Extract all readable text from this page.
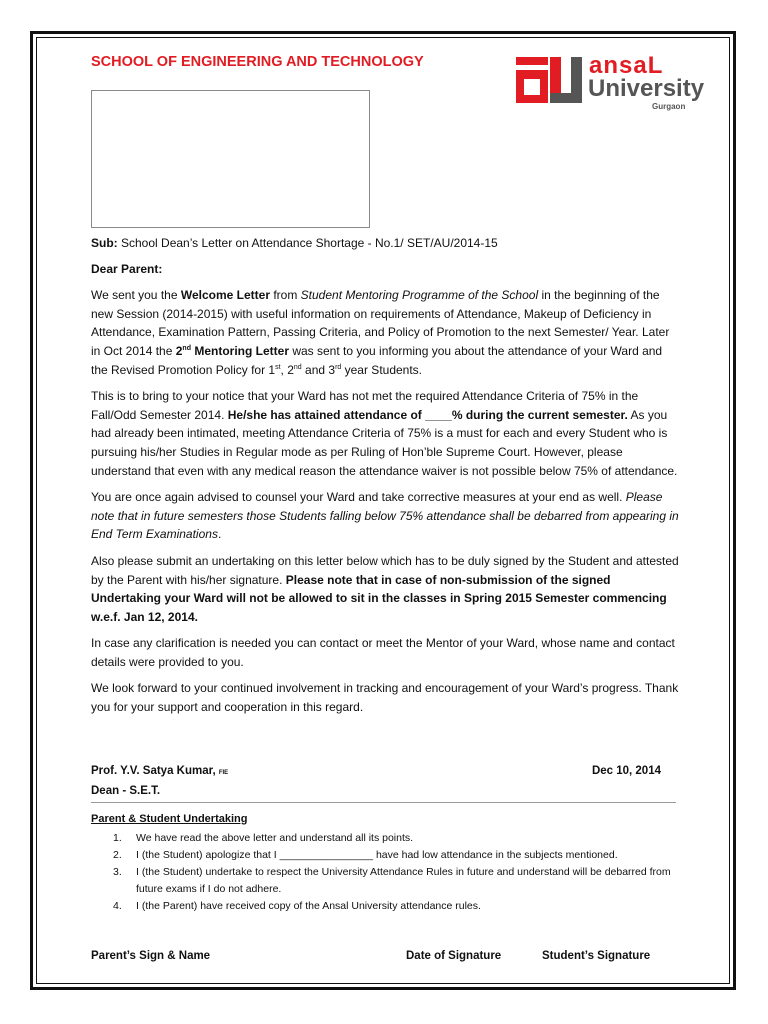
SCHOOL OF ENGINEERING AND TECHNOLOGY	ansaL
University
Gurgaon

Sub: School Dean’s Letter on Attendance Shortage - No.1/ SET/AU/2014-15

Dear Parent:

We sent you the Welcome Letter from Student Mentoring Programme of the School in the beginning of the new Session (2014-2015) with useful information on requirements of Attendance, Makeup of Deficiency in Attendance, Examination Pattern, Passing Criteria, and Policy of Promotion to the next Semester/ Year. Later in Oct 2014 the 2nd Mentoring Letter was sent to you informing you about the attendance of your Ward and the Revised Promotion Policy for 1st, 2nd and 3rd year Students.

This is to bring to your notice that your Ward has not met the required Attendance Criteria of 75% in the Fall/Odd Semester 2014. He/she has attained attendance of ____% during the current semester. As you had already been intimated, meeting Attendance Criteria of 75% is a must for each and every Student who is pursuing his/her Studies in Regular mode as per Ruling of Hon’ble Supreme Court. However, please understand that even with any medical reason the attendance waiver is not possible below 75% of attendance.

You are once again advised to counsel your Ward and take corrective measures at your end as well. Please note that in future semesters those Students falling below 75% attendance shall be debarred from appearing in End Term Examinations.

Also please submit an undertaking on this letter below which has to be duly signed by the Student and attested by the Parent with his/her signature. Please note that in case of non-submission of the signed Undertaking your Ward will not be allowed to sit in the classes in Spring 2015 Semester commencing w.e.f. Jan 12, 2014.

In case any clarification is needed you can contact or meet the Mentor of your Ward, whose name and contact details were provided to you.

We look forward to your continued involvement in tracking and encouragement of your Ward’s progress. Thank you for your support and cooperation in this regard.

Prof. Y.V. Satya Kumar, FIE
Dean - S.E.T.
Dec 10, 2014
Parent & Student Undertaking
1. We have read the above letter and understand all its points.
2. I (the Student) apologize that I ________________ have had low attendance in the subjects mentioned.
3. I (the Student) undertake to respect the University Attendance Rules in future and understand will be debarred from future exams if I do not adhere.
4. I (the Parent) have received copy of the Ansal University attendance rules.
Parent’s Sign & Name	Date of Signature	Student’s Signature
